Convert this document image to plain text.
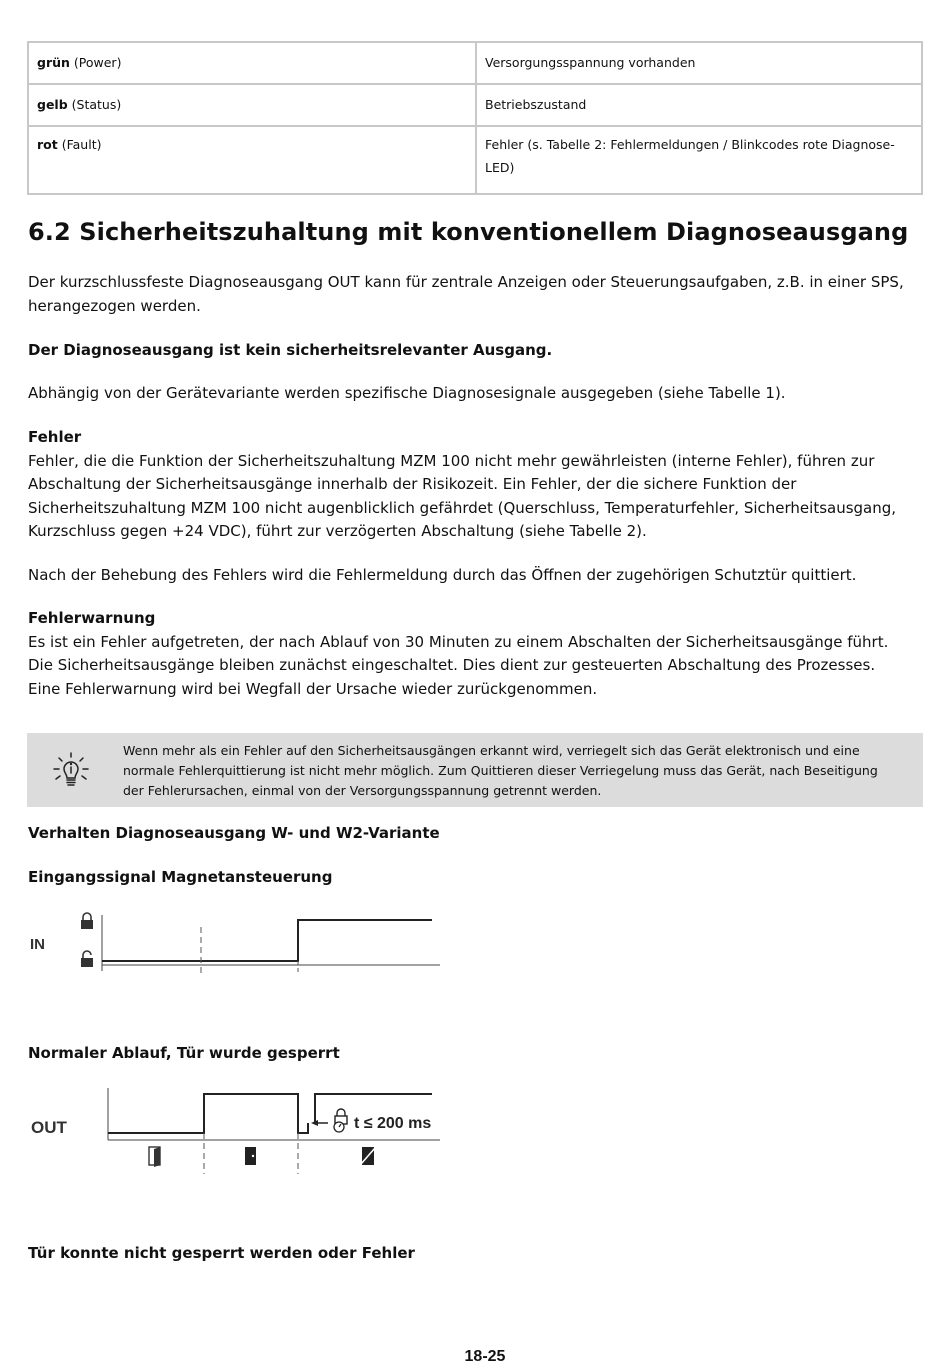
grün (Power)	Versorgungsspannung vorhanden
gelb (Status)	Betriebszustand
rot (Fault)	Fehler (s. Tabelle 2: Fehlermeldungen / Blinkcodes rote Diagnose-
LED)
6.2 Sicherheitszuhaltung mit konventionellem Diagnoseausgang

Der kurzschlussfeste Diagnoseausgang OUT kann für zentrale Anzeigen oder Steuerungsaufgaben, z.B. in einer SPS,
herangezogen werden.

Der Diagnoseausgang ist kein sicherheitsrelevanter Ausgang.

Abhängig von der Gerätevariante werden spezifische Diagnosesignale ausgegeben (siehe Tabelle 1).

Fehler
Fehler, die die Funktion der Sicherheitszuhaltung MZM 100 nicht mehr gewährleisten (interne Fehler), führen zur
Abschaltung der Sicherheitsausgänge innerhalb der Risikozeit. Ein Fehler, der die sichere Funktion der
Sicherheitszuhaltung MZM 100 nicht augenblicklich gefährdet (Querschluss, Temperaturfehler, Sicherheitsausgang,
Kurzschluss gegen +24 VDC), führt zur verzögerten Abschaltung (siehe Tabelle 2).

Nach der Behebung des Fehlers wird die Fehlermeldung durch das Öffnen der zugehörigen Schutztür quittiert.

Fehlerwarnung
Es ist ein Fehler aufgetreten, der nach Ablauf von 30 Minuten zu einem Abschalten der Sicherheitsausgänge führt.
Die Sicherheitsausgänge bleiben zunächst eingeschaltet. Dies dient zur gesteuerten Abschaltung des Prozesses.
Eine Fehlerwarnung wird bei Wegfall der Ursache wieder zurückgenommen.

Wenn mehr als ein Fehler auf den Sicherheitsausgängen erkannt wird, verriegelt sich das Gerät elektronisch und eine
normale Fehlerquittierung ist nicht mehr möglich. Zum Quittieren dieser Verriegelung muss das Gerät, nach Beseitigung
der Fehlerursachen, einmal von der Versorgungsspannung getrennt werden.

Verhalten Diagnoseausgang W- und W2-Variante

Eingangssignal Magnetansteuerung

IN

Normaler Ablauf, Tür wurde gesperrt

OUT	t ≤ 200 ms

Tür konnte nicht gesperrt werden oder Fehler

18-25
